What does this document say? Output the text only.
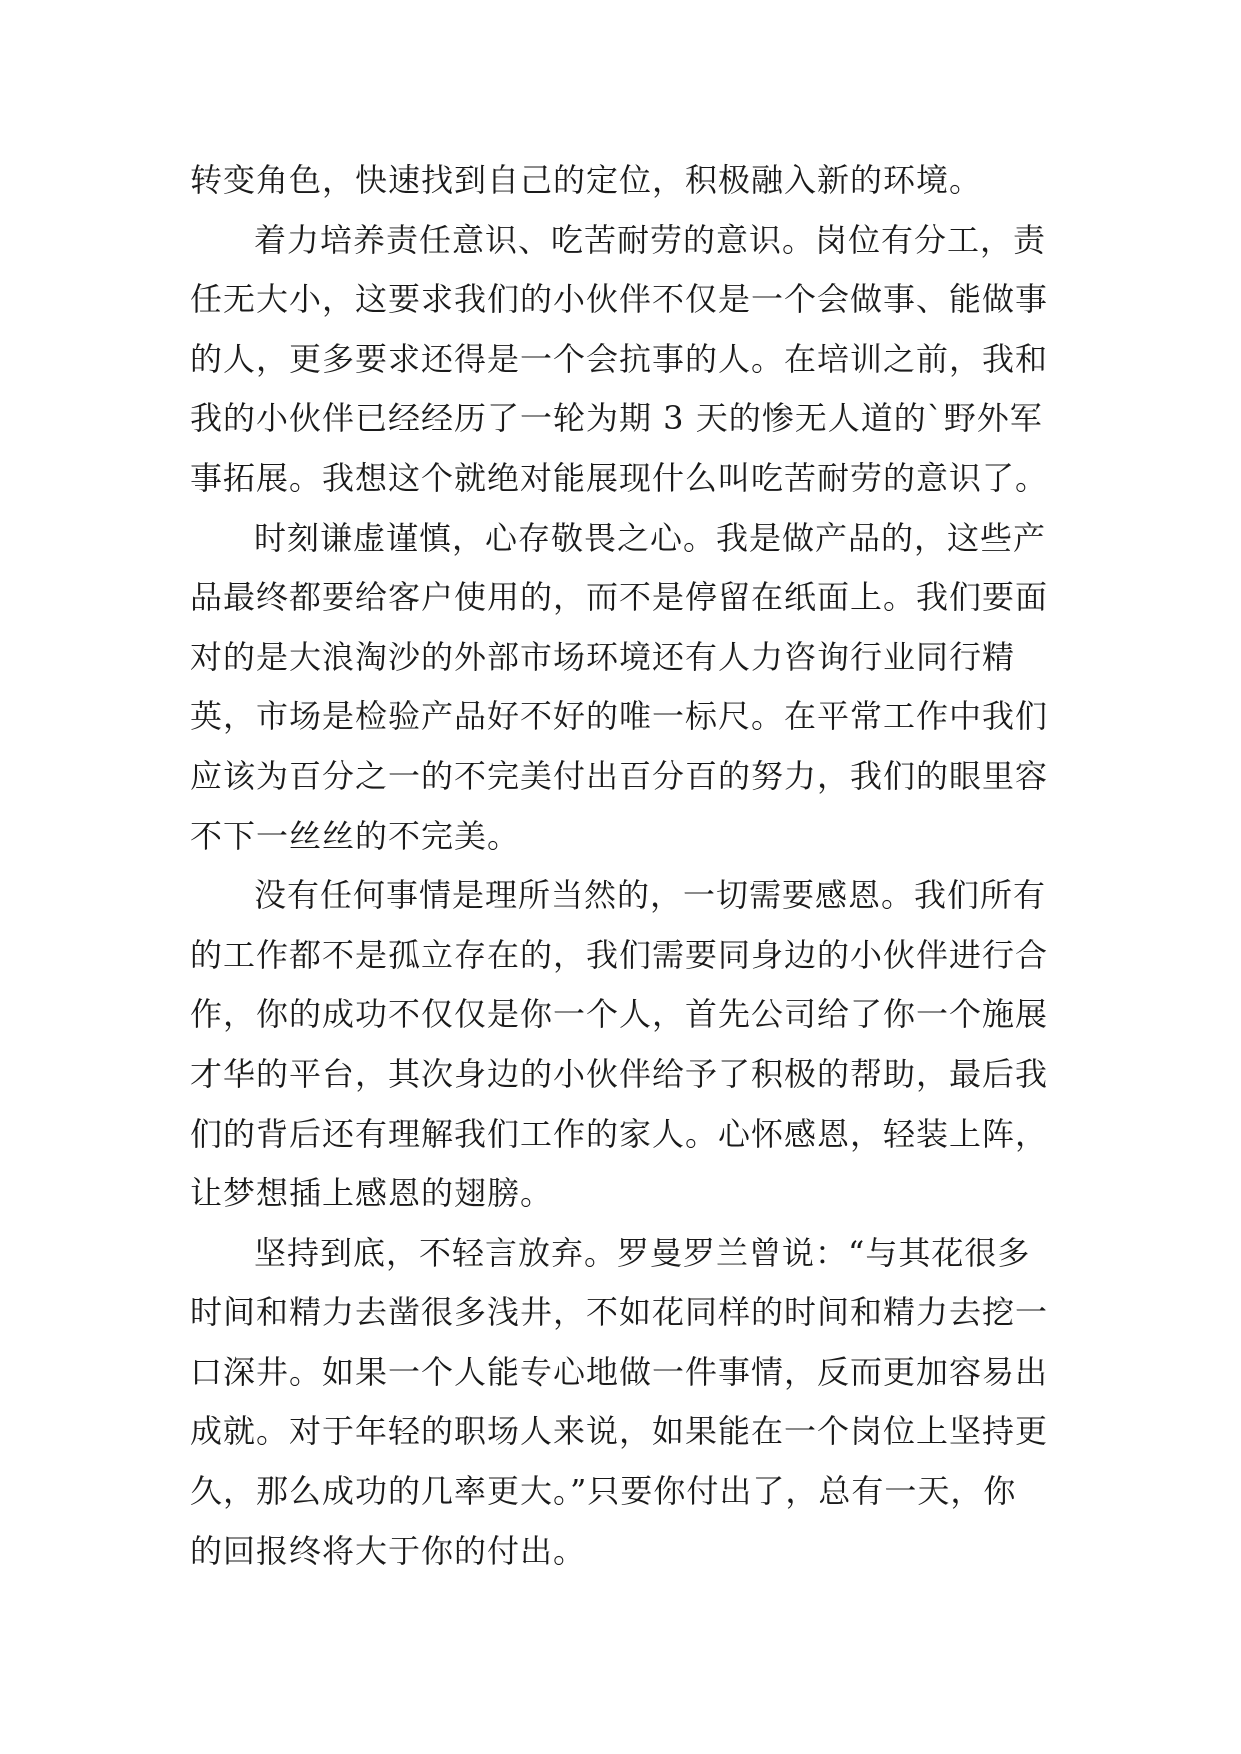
转变角色，快速找到自己的定位，积极融入新的环境。
着力培养责任意识、吃苦耐劳的意识。岗位有分工，责
任无大小，这要求我们的小伙伴不仅是一个会做事、能做事
的人，更多要求还得是一个会抗事的人。在培训之前，我和
我的小伙伴已经经历了一轮为期 3 天的惨无人道的`野外军
事拓展。我想这个就绝对能展现什么叫吃苦耐劳的意识了。
时刻谦虚谨慎，心存敬畏之心。我是做产品的，这些产
品最终都要给客户使用的，而不是停留在纸面上。我们要面
对的是大浪淘沙的外部市场环境还有人力咨询行业同行精
英，市场是检验产品好不好的唯一标尺。在平常工作中我们
应该为百分之一的不完美付出百分百的努力，我们的眼里容
不下一丝丝的不完美。
没有任何事情是理所当然的，一切需要感恩。我们所有
的工作都不是孤立存在的，我们需要同身边的小伙伴进行合
作，你的成功不仅仅是你一个人，首先公司给了你一个施展
才华的平台，其次身边的小伙伴给予了积极的帮助，最后我
们的背后还有理解我们工作的家人。心怀感恩，轻装上阵，
让梦想插上感恩的翅膀。
坚持到底，不轻言放弃。罗曼罗兰曾说：“与其花很多
时间和精力去凿很多浅井，不如花同样的时间和精力去挖一
口深井。如果一个人能专心地做一件事情，反而更加容易出
成就。对于年轻的职场人来说，如果能在一个岗位上坚持更
久，那么成功的几率更大。”只要你付出了，总有一天，你
的回报终将大于你的付出。
